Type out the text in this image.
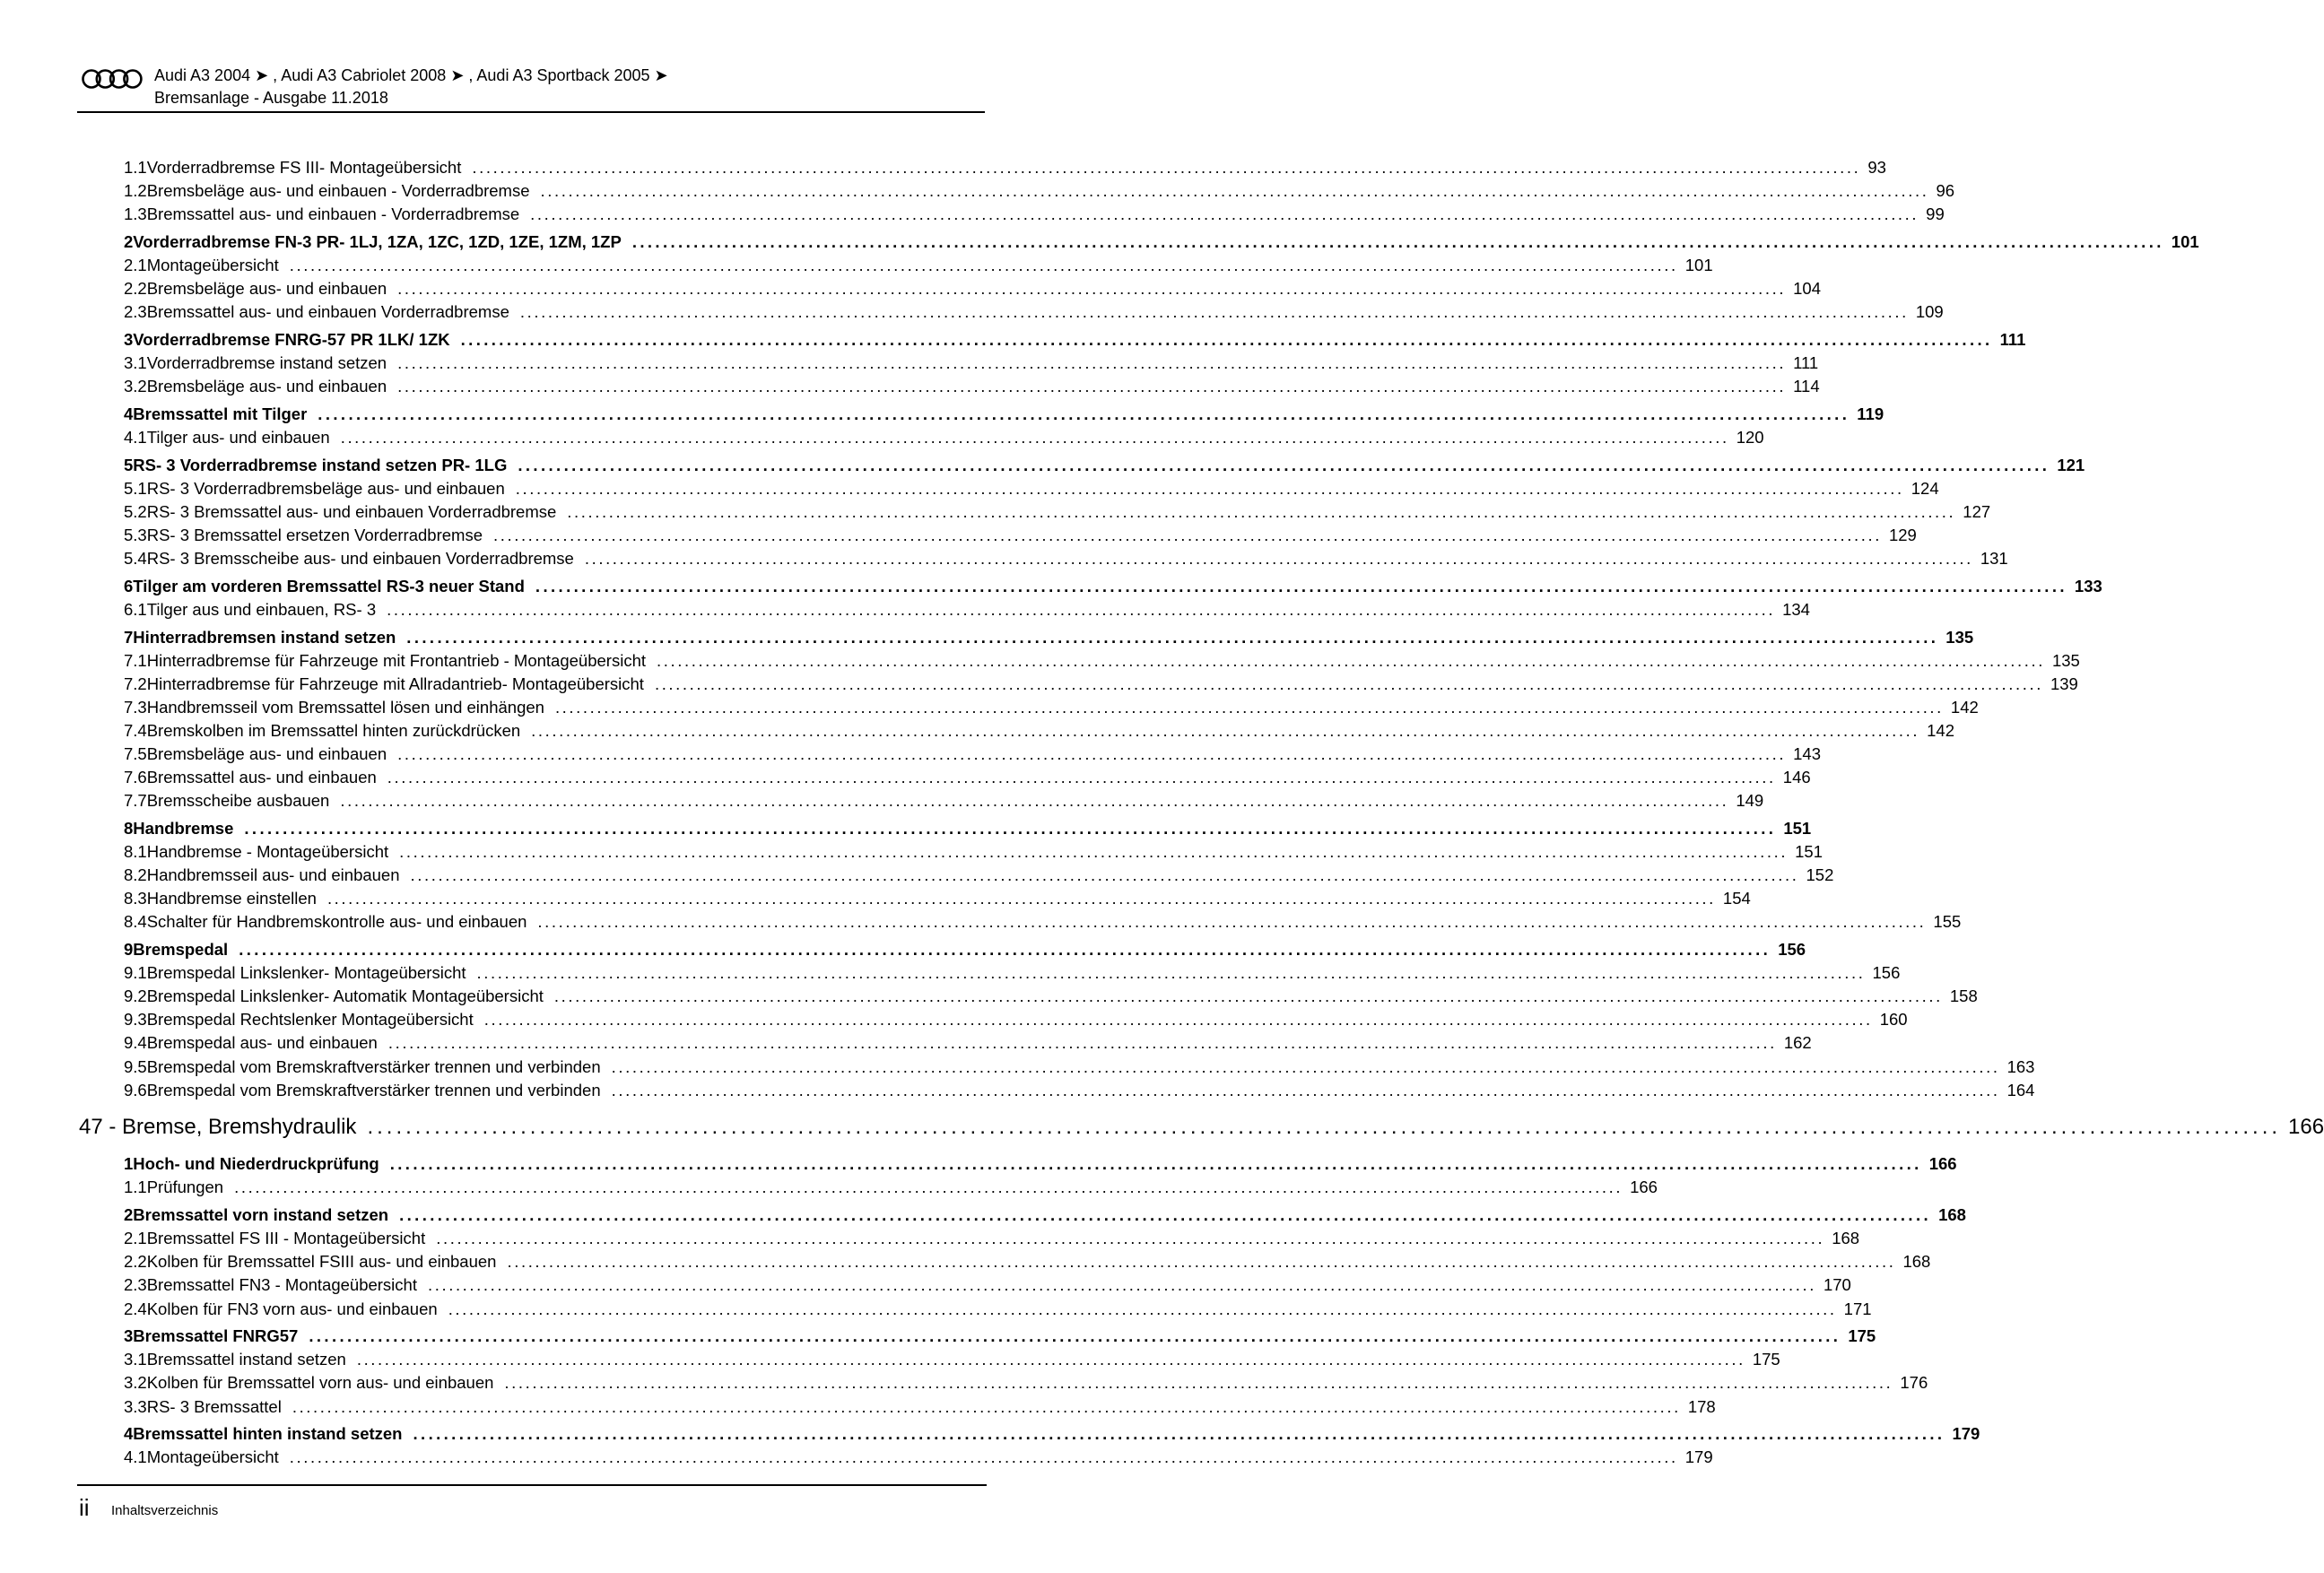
Audi A3 2004 ➤ , Audi A3 Cabriolet 2008 ➤ , Audi A3 Sportback 2005 ➤
Bremsanlage - Ausgabe 11.2018
1.1 Vorderradbremse FS III- Montageübersicht ........................................................................................................................................................................................................ 93
1.2 Bremsbeläge aus- und einbauen - Vorderradbremse ........................................................................................................................................................................................................ 96
1.3 Bremssattel aus- und einbauen - Vorderradbremse ........................................................................................................................................................................................................ 99
2 Vorderradbremse FN-3 PR- 1LJ, 1ZA, 1ZC, 1ZD, 1ZE, 1ZM, 1ZP ........................................................................................................................................................................................................ 101
2.1 Montageübersicht ........................................................................................................................................................................................................ 101
2.2 Bremsbeläge aus- und einbauen ........................................................................................................................................................................................................ 104
2.3 Bremssattel aus- und einbauen Vorderradbremse ........................................................................................................................................................................................................ 109
3 Vorderradbremse FNRG-57 PR 1LK/ 1ZK ........................................................................................................................................................................................................ 111
3.1 Vorderradbremse instand setzen ........................................................................................................................................................................................................ 111
3.2 Bremsbeläge aus- und einbauen ........................................................................................................................................................................................................ 114
4 Bremssattel mit Tilger ........................................................................................................................................................................................................ 119
4.1 Tilger aus- und einbauen ........................................................................................................................................................................................................ 120
5 RS- 3 Vorderradbremse instand setzen PR- 1LG ........................................................................................................................................................................................................ 121
5.1 RS- 3 Vorderradbremsbeläge aus- und einbauen ........................................................................................................................................................................................................ 124
5.2 RS- 3 Bremssattel aus- und einbauen Vorderradbremse ........................................................................................................................................................................................................ 127
5.3 RS- 3 Bremssattel ersetzen Vorderradbremse ........................................................................................................................................................................................................ 129
5.4 RS- 3 Bremsscheibe aus- und einbauen Vorderradbremse ........................................................................................................................................................................................................ 131
6 Tilger am vorderen Bremssattel RS-3 neuer Stand ........................................................................................................................................................................................................ 133
6.1 Tilger aus und einbauen, RS- 3 ........................................................................................................................................................................................................ 134
7 Hinterradbremsen instand setzen ........................................................................................................................................................................................................ 135
7.1 Hinterradbremse für Fahrzeuge mit Frontantrieb - Montageübersicht ........................................................................................................................................................................................................ 135
7.2 Hinterradbremse für Fahrzeuge mit Allradantrieb- Montageübersicht ........................................................................................................................................................................................................ 139
7.3 Handbremsseil vom Bremssattel lösen und einhängen ........................................................................................................................................................................................................ 142
7.4 Bremskolben im Bremssattel hinten zurückdrücken ........................................................................................................................................................................................................ 142
7.5 Bremsbeläge aus- und einbauen ........................................................................................................................................................................................................ 143
7.6 Bremssattel aus- und einbauen ........................................................................................................................................................................................................ 146
7.7 Bremsscheibe ausbauen ........................................................................................................................................................................................................ 149
8 Handbremse ........................................................................................................................................................................................................ 151
8.1 Handbremse - Montageübersicht ........................................................................................................................................................................................................ 151
8.2 Handbremsseil aus- und einbauen ........................................................................................................................................................................................................ 152
8.3 Handbremse einstellen ........................................................................................................................................................................................................ 154
8.4 Schalter für Handbremskontrolle aus- und einbauen ........................................................................................................................................................................................................ 155
9 Bremspedal ........................................................................................................................................................................................................ 156
9.1 Bremspedal Linkslenker- Montageübersicht ........................................................................................................................................................................................................ 156
9.2 Bremspedal Linkslenker- Automatik Montageübersicht ........................................................................................................................................................................................................ 158
9.3 Bremspedal Rechtslenker Montageübersicht ........................................................................................................................................................................................................ 160
9.4 Bremspedal aus- und einbauen ........................................................................................................................................................................................................ 162
9.5 Bremspedal vom Bremskraftverstärker trennen und verbinden ........................................................................................................................................................................................................ 163
9.6 Bremspedal vom Bremskraftverstärker trennen und verbinden ........................................................................................................................................................................................................ 164
47 - Bremse, Bremshydraulik ........................................................................................................................................................................................................ 166
1 Hoch- und Niederdruckprüfung ........................................................................................................................................................................................................ 166
1.1 Prüfungen ........................................................................................................................................................................................................ 166
2 Bremssattel vorn instand setzen ........................................................................................................................................................................................................ 168
2.1 Bremssattel FS III - Montageübersicht ........................................................................................................................................................................................................ 168
2.2 Kolben für Bremssattel FSIII aus- und einbauen ........................................................................................................................................................................................................ 168
2.3 Bremssattel FN3 - Montageübersicht ........................................................................................................................................................................................................ 170
2.4 Kolben für FN3 vorn aus- und einbauen ........................................................................................................................................................................................................ 171
3 Bremssattel FNRG57 ........................................................................................................................................................................................................ 175
3.1 Bremssattel instand setzen ........................................................................................................................................................................................................ 175
3.2 Kolben für Bremssattel vorn aus- und einbauen ........................................................................................................................................................................................................ 176
3.3 RS- 3 Bremssattel ........................................................................................................................................................................................................ 178
4 Bremssattel hinten instand setzen ........................................................................................................................................................................................................ 179
4.1 Montageübersicht ........................................................................................................................................................................................................ 179
ii Inhaltsverzeichnis
